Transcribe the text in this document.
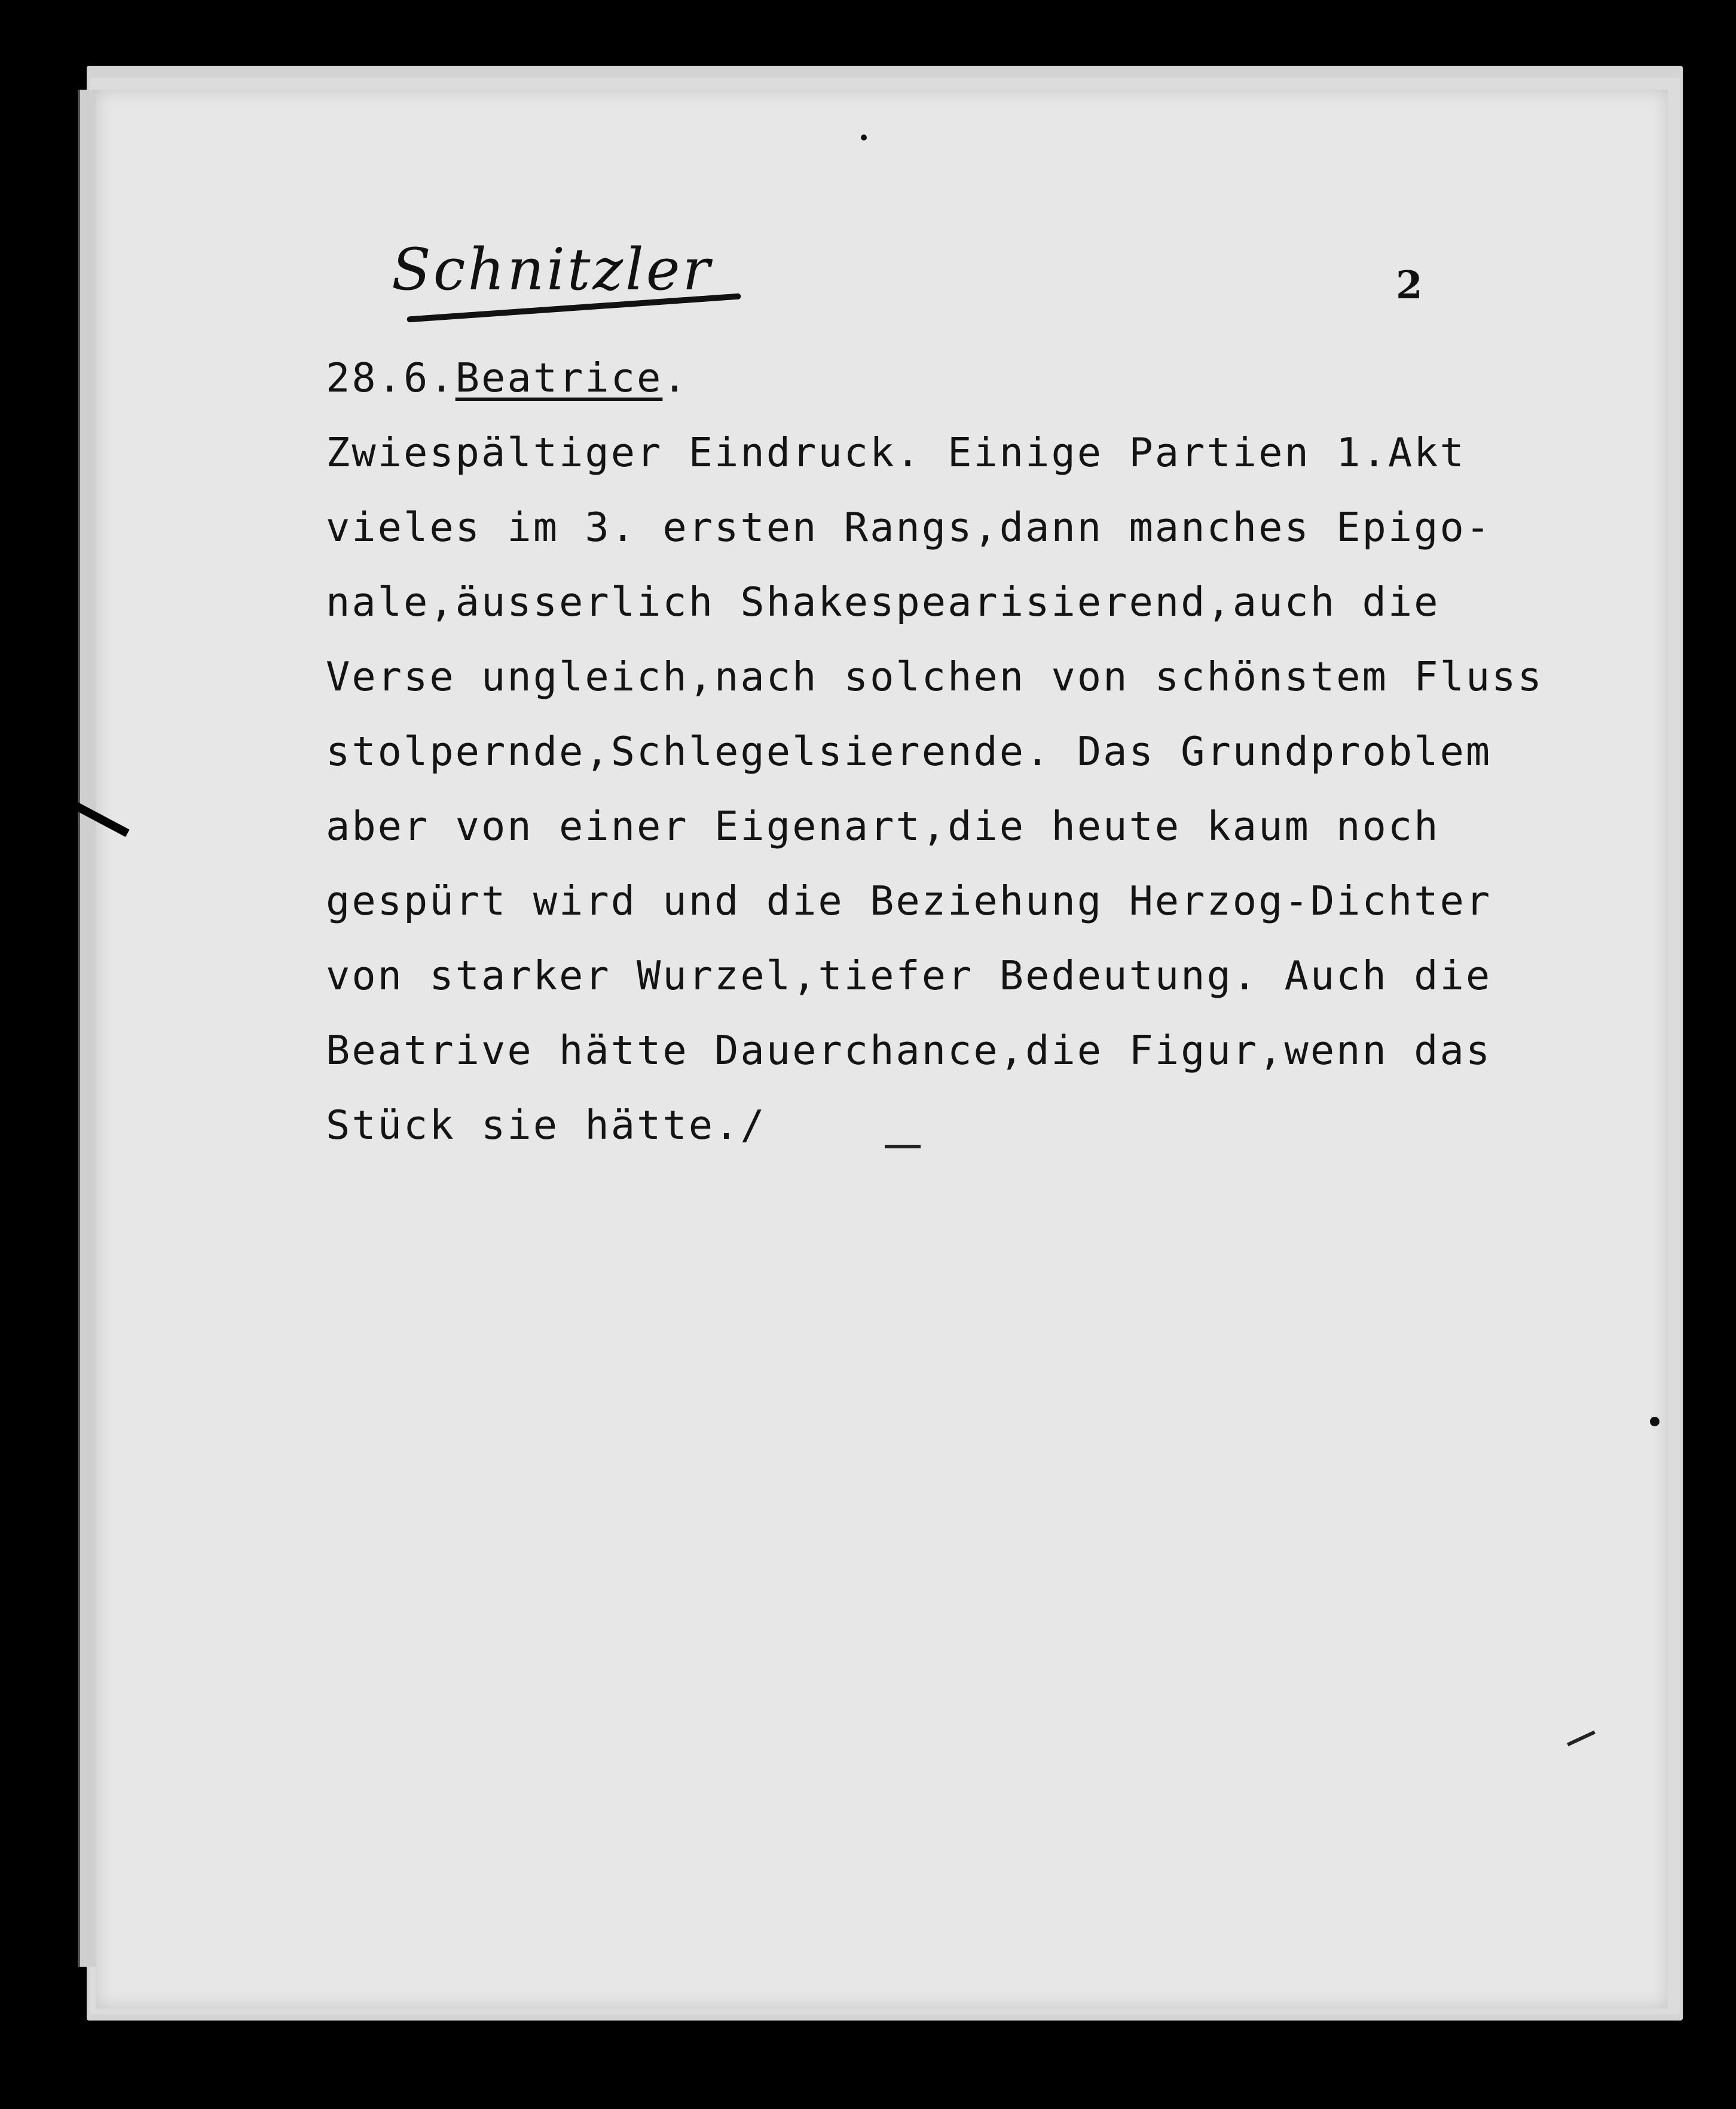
Schnitzler	2
28.6.Beatrice.
Zwiespältiger Eindruck. Einige Partien 1.Akt
vieles im 3. ersten Rangs,dann manches Epigo-
nale,äusserlich Shakespearisierend,auch die
Verse ungleich,nach solchen von schönstem Fluss
stolpernde,Schlegelsierende. Das Grundproblem
aber von einer Eigenart,die heute kaum noch
gespürt wird und die Beziehung Herzog-Dichter
von starker Wurzel,tiefer Bedeutung. Auch die
Beatrive hätte Dauerchance,die Figur,wenn das
Stück sie hätte./
